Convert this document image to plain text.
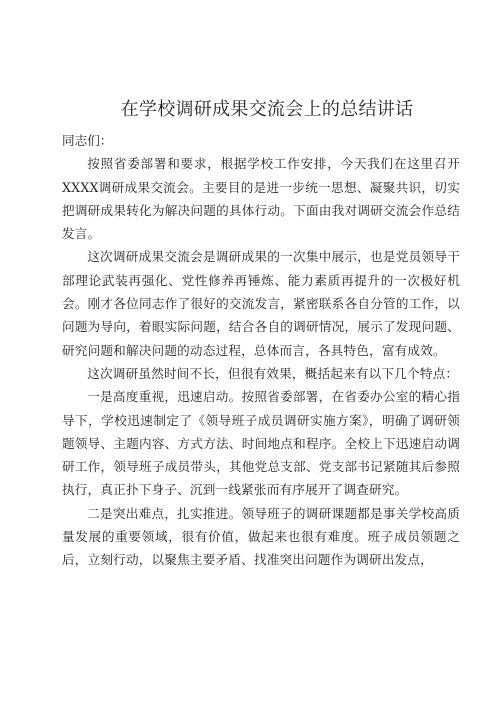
在学校调研成果交流会上的总结讲话

同志们：

按照省委部署和要求，根据学校工作安排，今天我们在这里召开XXXX调研成果交流会。主要目的是进一步统一思想、凝聚共识，切实把调研成果转化为解决问题的具体行动。下面由我对调研交流会作总结发言。

这次调研成果交流会是调研成果的一次集中展示，也是党员领导干部理论武装再强化、党性修养再锤炼、能力素质再提升的一次极好机会。刚才各位同志作了很好的交流发言，紧密联系各自分管的工作，以问题为导向，着眼实际问题，结合各自的调研情况，展示了发现问题、研究问题和解决问题的动态过程，总体而言，各具特色，富有成效。

这次调研虽然时间不长，但很有效果，概括起来有以下几个特点：

一是高度重视，迅速启动。按照省委部署，在省委办公室的精心指导下，学校迅速制定了《领导班子成员调研实施方案》，明确了调研领题领导、主题内容、方式方法、时间地点和程序。全校上下迅速启动调研工作，领导班子成员带头，其他党总支部、党支部书记紧随其后参照执行，真正扑下身子、沉到一线紧张而有序展开了调查研究。

二是突出难点，扎实推进。领导班子的调研课题都是事关学校高质量发展的重要领域，很有价值，做起来也很有难度。班子成员领题之后，立刻行动，以聚焦主要矛盾、找准突出问题作为调研出发点，
